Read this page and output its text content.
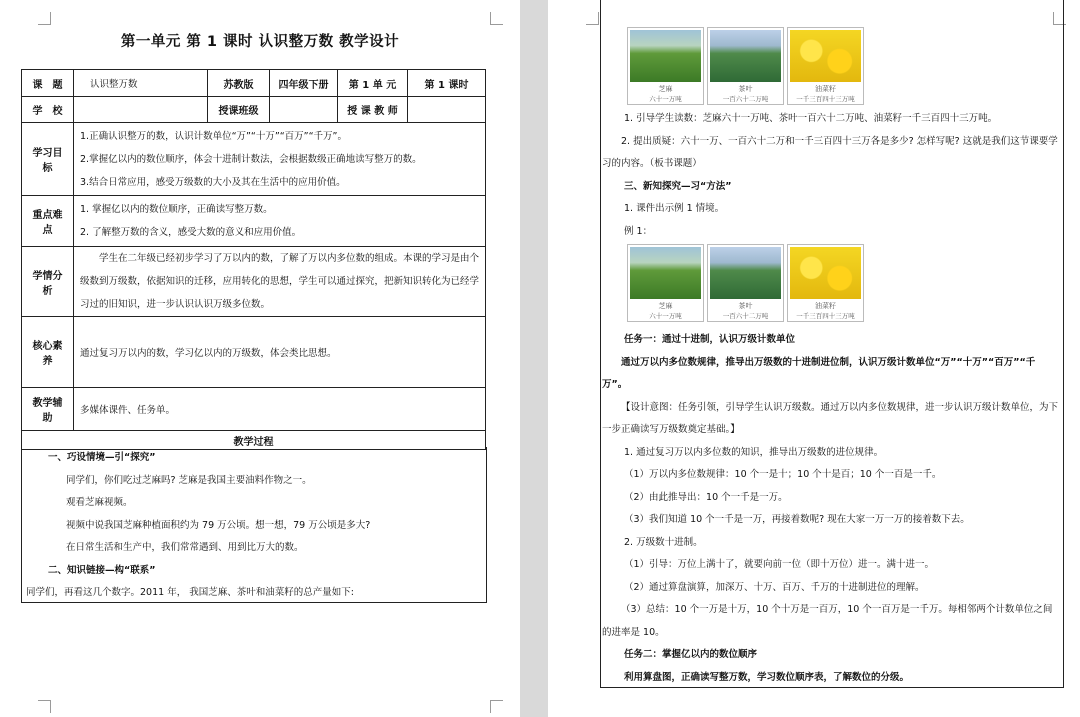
第一单元 第 1 课时 认识整万数 教学设计
课　题	认识整万数	苏教版	四年级下册	第 1 单 元	第 1 课时
学　校		授课班级		授 课 教 师	
学习目标	1.正确认识整万的数，认识计数单位“万”“十万”“百万”“千万”。

2.掌握亿以内的数位顺序，体会十进制计数法，会根据数级正确地读写整万的数。

3.结合日常应用，感受万级数的大小及其在生活中的应用价值。				

重点难点	1. 掌握亿以内的数位顺序，正确读写整万数。

2. 了解整万数的含义，感受大数的意义和应用价值。				

学情分析	学生在二年级已经初步学习了万以内的数，了解了万以内多位数的组成。本课的学习是由个级数到万级数，依据知识的迁移，应用转化的思想，学生可以通过探究，把新知识转化为已经学习过的旧知识，进一步认识认识万级多位数。				

核心素养	通过复习万以内的数，学习亿以内的万级数，体会类比思想。				
教学辅助	多媒体课件、任务单。				
教学过程					

一、巧设情境—引“探究”

同学们，你们吃过芝麻吗? 芝麻是我国主要油料作物之一。

观看芝麻视频。

视频中说我国芝麻种植面积约为 79 万公顷。想一想，79 万公顷是多大?

在日常生活和生产中，我们常常遇到、用到比万大的数。

二、知识链接—构“联系”

同学们，再看这几个数字。2011 年， 我国芝麻、茶叶和油菜籽的总产量如下:

芝麻
六十一万吨
茶叶
一百六十二万吨
油菜籽
一千三百四十三万吨

1. 引导学生读数：芝麻六十一万吨、茶叶一百六十二万吨、油菜籽一千三百四十三万吨。

2. 提出质疑：六十一万、一百六十二万和一千三百四十三万各是多少? 怎样写呢? 这就是我们这节课要学习的内容。（板书课题）

三、新知探究—习“方法”

1. 课件出示例 1 情境。

例 1：

芝麻
六十一万吨
茶叶
一百六十二万吨
油菜籽
一千三百四十三万吨

任务一：通过十进制，认识万级计数单位

通过万以内多位数规律，推导出万级数的十进制进位制，认识万级计数单位“万”“十万”“百万”“千万”。

【设计意图：任务引领，引导学生认识万级数。通过万以内多位数规律，进一步认识万级计数单位，为下一步正确读写万级数奠定基础。】

1. 通过复习万以内多位数的知识，推导出万级数的进位规律。

（1）万以内多位数规律：10 个一是十；10 个十是百；10 个一百是一千。

（2）由此推导出：10 个一千是一万。

（3）我们知道 10 个一千是一万，再接着数呢? 现在大家一万一万的接着数下去。

2. 万级数十进制。

（1）引导：万位上满十了，就要向前一位（即十万位）进一。满十进一。

（2）通过算盘演算，加深万、十万、百万、千万的十进制进位的理解。

（3）总结：10 个一万是十万，10 个十万是一百万，10 个一百万是一千万。每相邻两个计数单位之间的进率是 10。

任务二：掌握亿以内的数位顺序

利用算盘图，正确读写整万数，学习数位顺序表，了解数位的分级。
